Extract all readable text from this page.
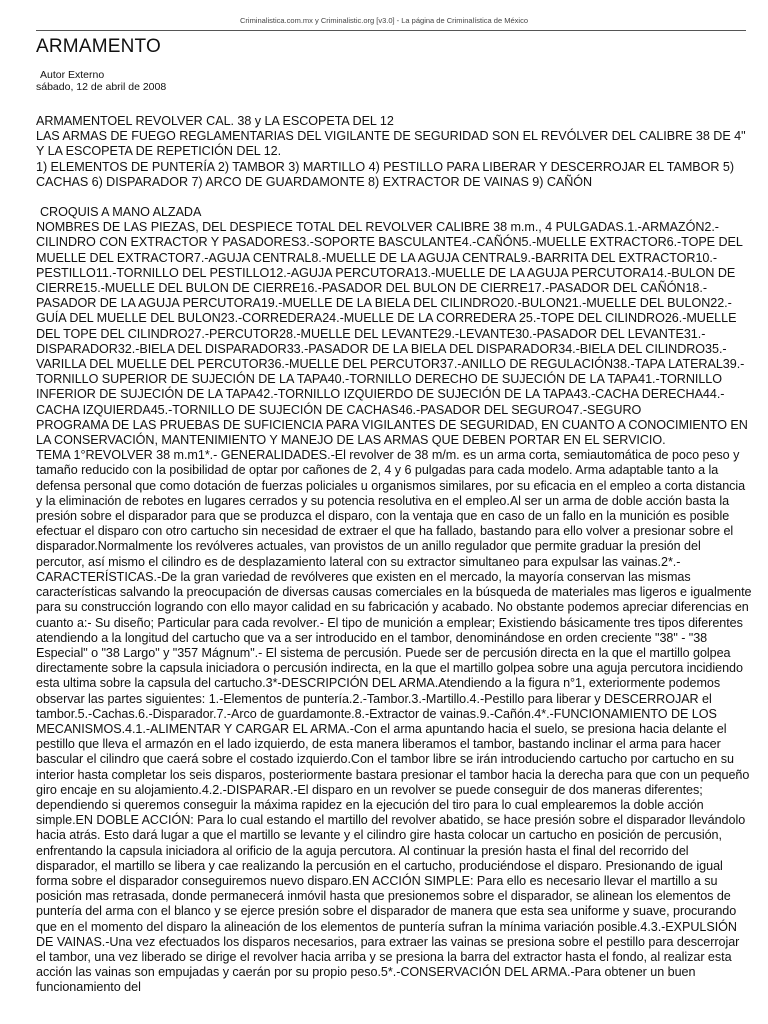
Criminalistica.com.mx y Criminalistic.org [v3.0] - La página de Criminalística de México
ARMAMENTO
Autor Externo
sábado, 12 de abril de 2008

ARMAMENTOEL REVOLVER CAL. 38 y LA ESCOPETA DEL 12

LAS ARMAS DE FUEGO REGLAMENTARIAS DEL VIGILANTE DE SEGURIDAD SON EL REVÓLVER DEL CALIBRE 38 DE 4" Y LA ESCOPETA DE REPETICIÓN DEL 12.

1) ELEMENTOS DE PUNTERÍA 2) TAMBOR 3) MARTILLO 4) PESTILLO PARA LIBERAR Y DESCERROJAR EL TAMBOR 5) CACHAS 6) DISPARADOR 7) ARCO DE GUARDAMONTE 8) EXTRACTOR DE VAINAS 9) CAÑÓN

CROQUIS A MANO ALZADA

NOMBRES DE LAS PIEZAS, DEL DESPIECE TOTAL DEL REVOLVER CALIBRE 38 m.m., 4 PULGADAS.1.-ARMAZÓN2.-CILINDRO CON EXTRACTOR Y PASADORES3.-SOPORTE BASCULANTE4.-CAÑÓN5.-MUELLE EXTRACTOR6.-TOPE DEL MUELLE DEL EXTRACTOR7.-AGUJA CENTRAL8.-MUELLE DE LA AGUJA CENTRAL9.-BARRITA DEL EXTRACTOR10.-PESTILLO11.-TORNILLO DEL PESTILLO12.-AGUJA PERCUTORA13.-MUELLE DE LA AGUJA PERCUTORA14.-BULON DE CIERRE15.-MUELLE DEL BULON DE CIERRE16.-PASADOR DEL BULON DE CIERRE17.-PASADOR DEL CAÑÓN18.-PASADOR DE LA AGUJA PERCUTORA19.-MUELLE DE LA BIELA DEL CILINDRO20.-BULON21.-MUELLE DEL BULON22.-GUÍA DEL MUELLE DEL BULON23.-CORREDERA24.-MUELLE DE LA CORREDERA 25.-TOPE DEL CILINDRO26.-MUELLE DEL TOPE DEL CILINDRO27.-PERCUTOR28.-MUELLE DEL LEVANTE29.-LEVANTE30.-PASADOR DEL LEVANTE31.-DISPARADOR32.-BIELA DEL DISPARADOR33.-PASADOR DE LA BIELA DEL DISPARADOR34.-BIELA DEL CILINDRO35.-VARILLA DEL MUELLE DEL PERCUTOR36.-MUELLE DEL PERCUTOR37.-ANILLO DE REGULACIÓN38.-TAPA LATERAL39.-TORNILLO SUPERIOR DE SUJECIÓN DE LA TAPA40.-TORNILLO DERECHO DE SUJECIÓN DE LA TAPA41.-TORNILLO INFERIOR DE SUJECIÓN DE LA TAPA42.-TORNILLO IZQUIERDO DE SUJECIÓN DE LA TAPA43.-CACHA DERECHA44.-CACHA IZQUIERDA45.-TORNILLO DE SUJECIÓN DE CACHAS46.-PASADOR DEL SEGURO47.-SEGURO

PROGRAMA DE LAS PRUEBAS DE SUFICIENCIA PARA VIGILANTES DE SEGURIDAD, EN CUANTO A CONOCIMIENTO EN LA CONSERVACIÓN, MANTENIMIENTO Y MANEJO DE LAS ARMAS QUE DEBEN PORTAR EN EL SERVICIO.

TEMA 1°REVOLVER 38 m.m1*.- GENERALIDADES.-El revolver de 38 m/m. es un arma corta, semiautomática de poco peso y tamaño reducido con la posibilidad de optar por cañones de 2, 4 y 6 pulgadas para cada modelo. Arma adaptable tanto a la defensa personal que como dotación de fuerzas policiales u organismos similares, por su eficacia en el empleo a corta distancia y la eliminación de rebotes en lugares cerrados y su potencia resolutiva en el empleo.Al ser un arma de doble acción basta la presión sobre el disparador para que se produzca el disparo, con la ventaja que en caso de un fallo en la munición es posible efectuar el disparo con otro cartucho sin necesidad de extraer el que ha fallado, bastando para ello volver a presionar sobre el disparador.Normalmente los revólveres actuales, van provistos de un anillo regulador que permite graduar la presión del percutor, así mismo el cilindro es de desplazamiento lateral con su extractor simultaneo para expulsar las vainas.2*.- CARACTERÍSTICAS.-De la gran variedad de revólveres que existen en el mercado, la mayoría conservan las mismas características salvando la preocupación de diversas causas comerciales en la búsqueda de materiales mas ligeros e igualmente para su construcción logrando con ello mayor calidad en su fabricación y acabado. No obstante podemos apreciar diferencias en cuanto a:- Su diseño; Particular para cada revolver.- El tipo de munición a emplear; Existiendo básicamente tres tipos diferentes atendiendo a la longitud del cartucho que va a ser introducido en el tambor, denominándose en orden creciente "38" - "38 Especial" o "38 Largo" y "357 Mágnum".- El sistema de percusión. Puede ser de percusión directa en la que el martillo golpea directamente sobre la capsula iniciadora o percusión indirecta, en la que el martillo golpea sobre una aguja percutora incidiendo esta ultima sobre la capsula del cartucho.3*-DESCRIPCIÓN DEL ARMA.Atendiendo a la figura n°1, exteriormente podemos observar las partes siguientes: 1.-Elementos de puntería.2.-Tambor.3.-Martillo.4.-Pestillo para liberar y DESCERROJAR el tambor.5.-Cachas.6.-Disparador.7.-Arco de guardamonte.8.-Extractor de vainas.9.-Cañón.4*.-FUNCIONAMIENTO DE LOS MECANISMOS.4.1.-ALIMENTAR Y CARGAR EL ARMA.-Con el arma apuntando hacia el suelo, se presiona hacia delante el pestillo que lleva el armazón en el lado izquierdo, de esta manera liberamos el tambor, bastando inclinar el arma para hacer bascular el cilindro que caerá sobre el costado izquierdo.Con el tambor libre se irán introduciendo cartucho por cartucho en su interior hasta completar los seis disparos, posteriormente bastara presionar el tambor hacia la derecha para que con un pequeño giro encaje en su alojamiento.4.2.-DISPARAR.-El disparo en un revolver se puede conseguir de dos maneras diferentes; dependiendo si queremos conseguir la máxima rapidez en la ejecución del tiro para lo cual emplearemos la doble acción simple.EN DOBLE ACCIÓN: Para lo cual estando el martillo del revolver abatido, se hace presión sobre el disparador llevándolo hacia atrás. Esto dará lugar a que el martillo se levante y el cilindro gire hasta colocar un cartucho en posición de percusión, enfrentando la capsula iniciadora al orificio de la aguja percutora. Al continuar la presión hasta el final del recorrido del disparador, el martillo se libera y cae realizando la percusión en el cartucho, produciéndose el disparo. Presionando de igual forma sobre el disparador conseguiremos nuevo disparo.EN ACCIÓN SIMPLE: Para ello es necesario llevar el martillo a su posición mas retrasada, donde permanecerá inmóvil hasta que presionemos sobre el disparador, se alinean los elementos de puntería del arma con el blanco y se ejerce presión sobre el disparador de manera que esta sea uniforme y suave, procurando que en el momento del disparo la alineación de los elementos de puntería sufran la mínima variación posible.4.3.-EXPULSIÓN DE VAINAS.-Una vez efectuados los disparos necesarios, para extraer las vainas se presiona sobre el pestillo para descerrojar el tambor, una vez liberado se dirige el revolver hacia arriba y se presiona la barra del extractor hasta el fondo, al realizar esta acción las vainas son empujadas y caerán por su propio peso.5*.-CONSERVACIÓN DEL ARMA.-Para obtener un buen funcionamiento del
